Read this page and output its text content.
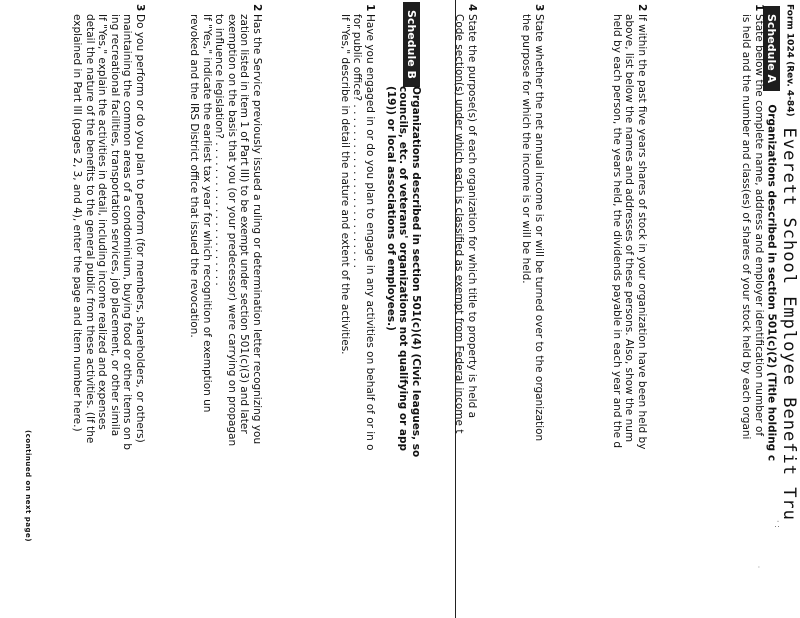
Form 1024 (Rev. 4-84) Everett School Employee Benefit Tru
· :
˙
Schedule A Organizations described in section 501(c)(2) (Title holding c
1
State below the complete name, address and employer identification number of
is held and the number and class(es) of shares of your stock held by each organi
2
If within the past five years shares of stock in your organization have been held by
above, list below the names and addresses of these persons. Also, show the num
held by each person, the years held, the dividends payable in each year and the d
3
State whether the net annual income is or will be turned over to the organization
the purpose for which the income is or will be held.
4
State the purpose(s) of each organization for which title to property is held a
Code section(s) under which each is classified as exempt from Federal income t
Schedule B
Organizations described in section 501(c)(4) (Civic leagues, so
councils, etc. of veterans' organizations not qualifying or app
(19)) or local associations of employees.)
1
Have you engaged in or do you plan to engage in any activities on behalf of or in o
for public office? . . . . . . . . . . . . . . . . . . . . . . . . .
If "Yes," describe in detail the nature and extent of the activities.
2
Has the Service previously issued a ruling or determination letter recognizing you
zation listed in item 1 of Part III) to be exempt under section 501(c)(3) and later
exemption on the basis that you (or your predecessor) were carrying on propagan
to influence legislation? . . . . . . . . . . . . . . . . . . . . . .
If "Yes," indicate the earliest tax year for which recognition of exemption un
revoked and the IRS District office that issued the revocation.
3
Do you perform or do you plan to perform (for members, shareholders, or others)
maintaining the common areas of a condominium, buying food or other items on b
ing recreational facilities, transportation services, job placement, or other simila
If "Yes," explain the activities in detail, including income realized and expenses
detail the nature of the benefits to the general public from these activities. (If the
explained in Part III (pages 2, 3, and 4), enter the page and item number here.)
(continued on next page)
